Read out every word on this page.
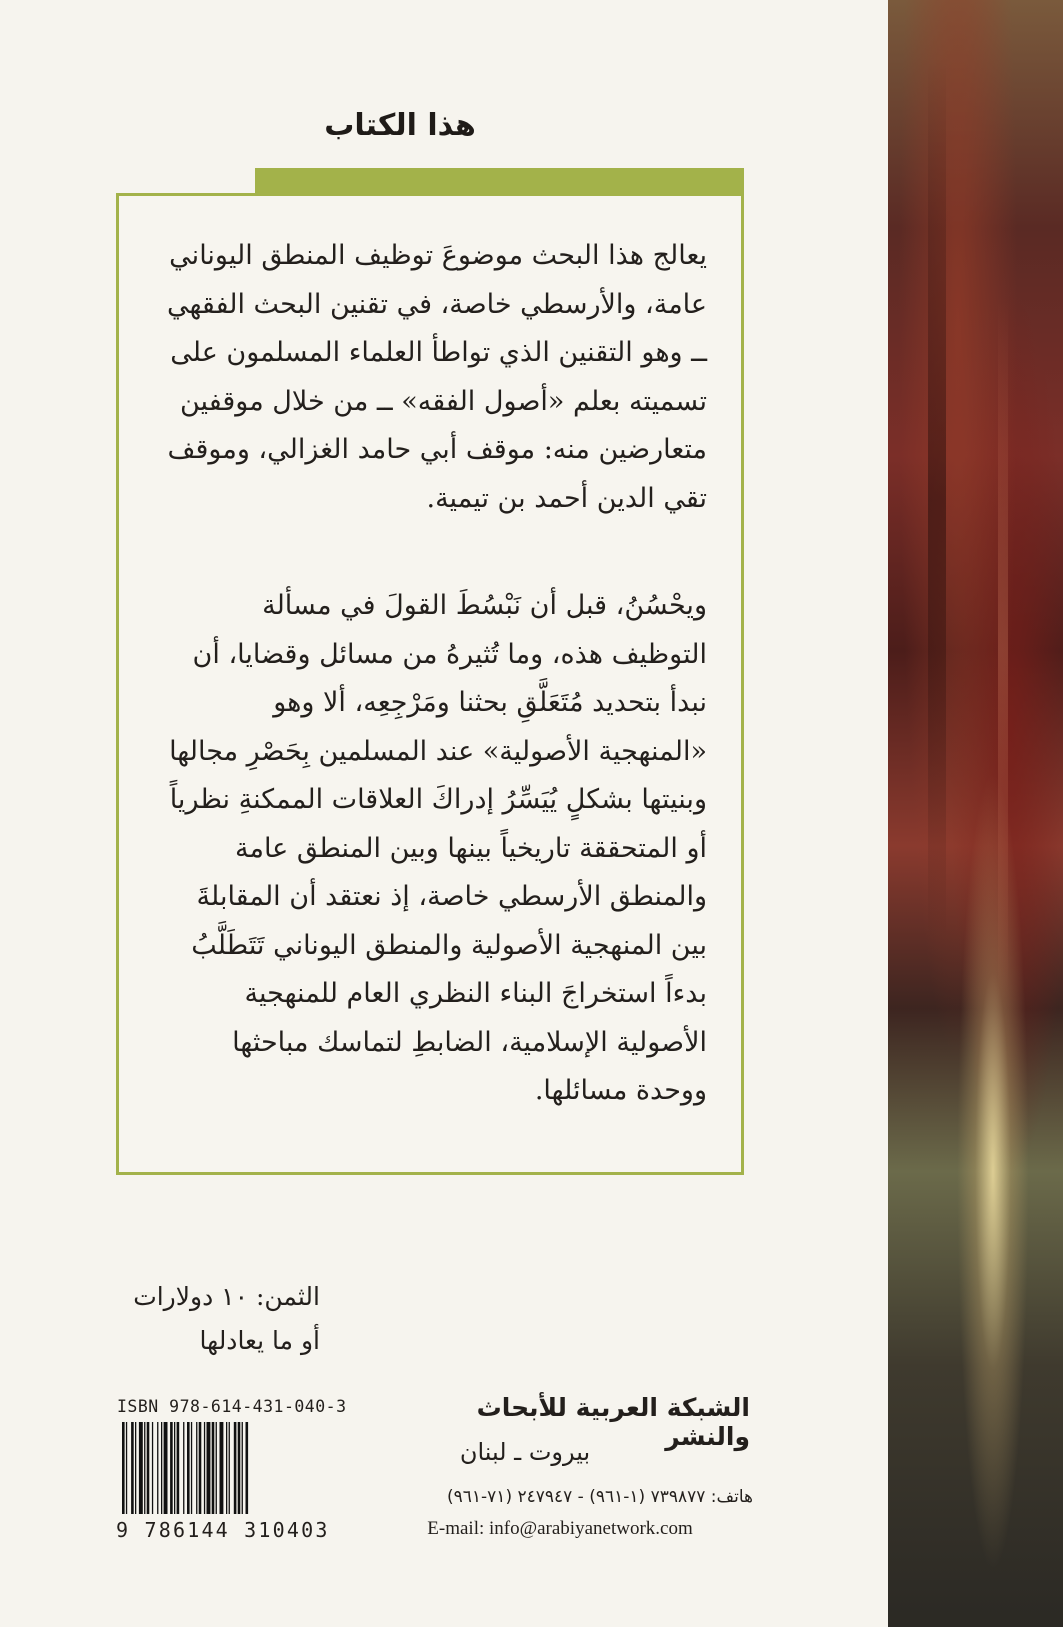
هذا الكتاب
يعالج هذا البحث موضوعَ توظيف المنطق اليوناني عامة، والأرسطي خاصة، في تقنين البحث الفقهي ــ وهو التقنين الذي تواطأ العلماء المسلمون على تسميته بعلم «أصول الفقه» ــ من خلال موقفين متعارضين منه: موقف أبي حامد الغزالي، وموقف تقي الدين أحمد بن تيمية.
ويحْسُنُ، قبل أن نَبْسُطَ القولَ في مسألة التوظيف هذه، وما تُثيرهُ من مسائل وقضايا، أن نبدأ بتحديد مُتَعَلَّقِ بحثنا ومَرْجِعِه، ألا وهو «المنهجية الأصولية» عند المسلمين بِحَصْرِ مجالها وبنيتها بشكلٍ يُيَسِّرُ إدراكَ العلاقات الممكنةِ نظرياً أو المتحققة تاريخياً بينها وبين المنطق عامة والمنطق الأرسطي خاصة، إذ نعتقد أن المقابلةَ بين المنهجية الأصولية والمنطق اليوناني تَتَطَلَّبُ بدءاً استخراجَ البناء النظري العام للمنهجية الأصولية الإسلامية، الضابطِ لتماسك مباحثها ووحدة مسائلها.
الثمن: ١٠ دولارات
أو ما يعادلها
الشبكة العربية للأبحاث والنشر
بيروت ـ لبنان
هاتف: ٧٣٩٨٧٧ (١-٩٦١) - ٢٤٧٩٤٧ (٧١-٩٦١)
E-mail: info@arabiyanetwork.com
ISBN 978-614-431-040-3
9 786144 310403
